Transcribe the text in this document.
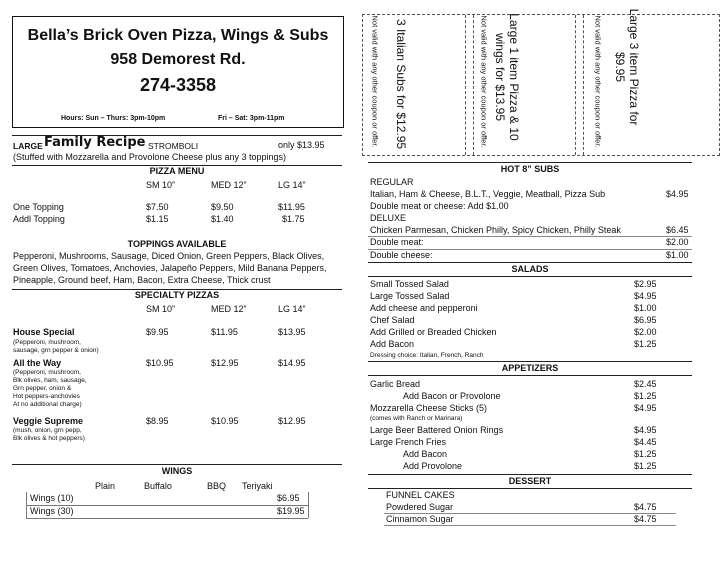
Bella’s Brick Oven Pizza, Wings & Subs
958 Demorest Rd.
274-3358
Hours: Sun – Thurs: 3pm-10pm	Fri – Sat: 3pm-11pm	3 Italian Subs for $12.95
Not valid with any other coupon or offer.	Large 1 item Pizza & 10 wings for $13.95
Not valid with any other coupon or offer.	Large 3 item Pizza for $9.95
Not valid with any other coupon or offer.
LARGE Family Recipe STROMBOLI	only $13.95
(Stuffed with Mozzarella and Provolone Cheese plus any 3 toppings)
PIZZA MENU
SM 10”	MED 12”	LG 14”
One Topping	$7.50	$9.50	$11.95
Addl Topping	$1.15	$1.40	$1.75
TOPPINGS AVAILABLE
Pepperoni, Mushrooms, Sausage, Diced Onion, Green Peppers, Black Olives,
Green Olives, Tomatoes, Anchovies, Jalapeño Peppers, Mild Banana Peppers,
Pineapple, Ground beef, Ham, Bacon, Extra Cheese, Thick crust
SPECIALTY PIZZAS
SM 10”	MED 12”	LG 14”
House Special
(Pepperoni, mushroom,
sausage, grn pepper & onion)
$9.95	$11.95	$13.95
All the Way
(Pepperoni, mushroom,
Blk olives, ham, sausage,
Grn pepper, onion &
Hot peppers-anchovies
At no additional charge)
$10.95	$12.95	$14.95
Veggie Supreme
(mush, onion, grn pepp,
Blk olives & hot peppers)
$8.95	$10.95	$12.95
WINGS
Plain	Buffalo	BBQ Teriyaki
Wings (10)	$6.95
Wings (30)	$19.95
HOT 8” SUBS
REGULAR
Italian, Ham & Cheese, B.L.T., Veggie, Meatball, Pizza Sub	$4.95
Double meat or cheese: Add $1.00
DELUXE
Chicken Parmesan, Chicken Philly, Spicy Chicken, Philly Steak	$6.45
Double meat:	$2.00
Double cheese:	$1.00
SALADS
Small Tossed Salad	$2.95
Large Tossed Salad	$4.95
Add cheese and pepperoni	$1.00
Chef Salad	$6.95
Add Grilled or Breaded Chicken	$2.00
Add Bacon	$1.25
Dressing choice: Italian, French, Ranch
APPETIZERS
Garlic Bread	$2.45
Add Bacon or Provolone	$1.25
Mozzarella Cheese Sticks (5)	$4.95
(comes with Ranch or Marinara)
Large Beer Battered Onion Rings	$4.95
Large French Fries	$4.45
Add Bacon	$1.25
Add Provolone	$1.25
DESSERT
FUNNEL CAKES
Powdered Sugar	$4.75
Cinnamon Sugar	$4.75
